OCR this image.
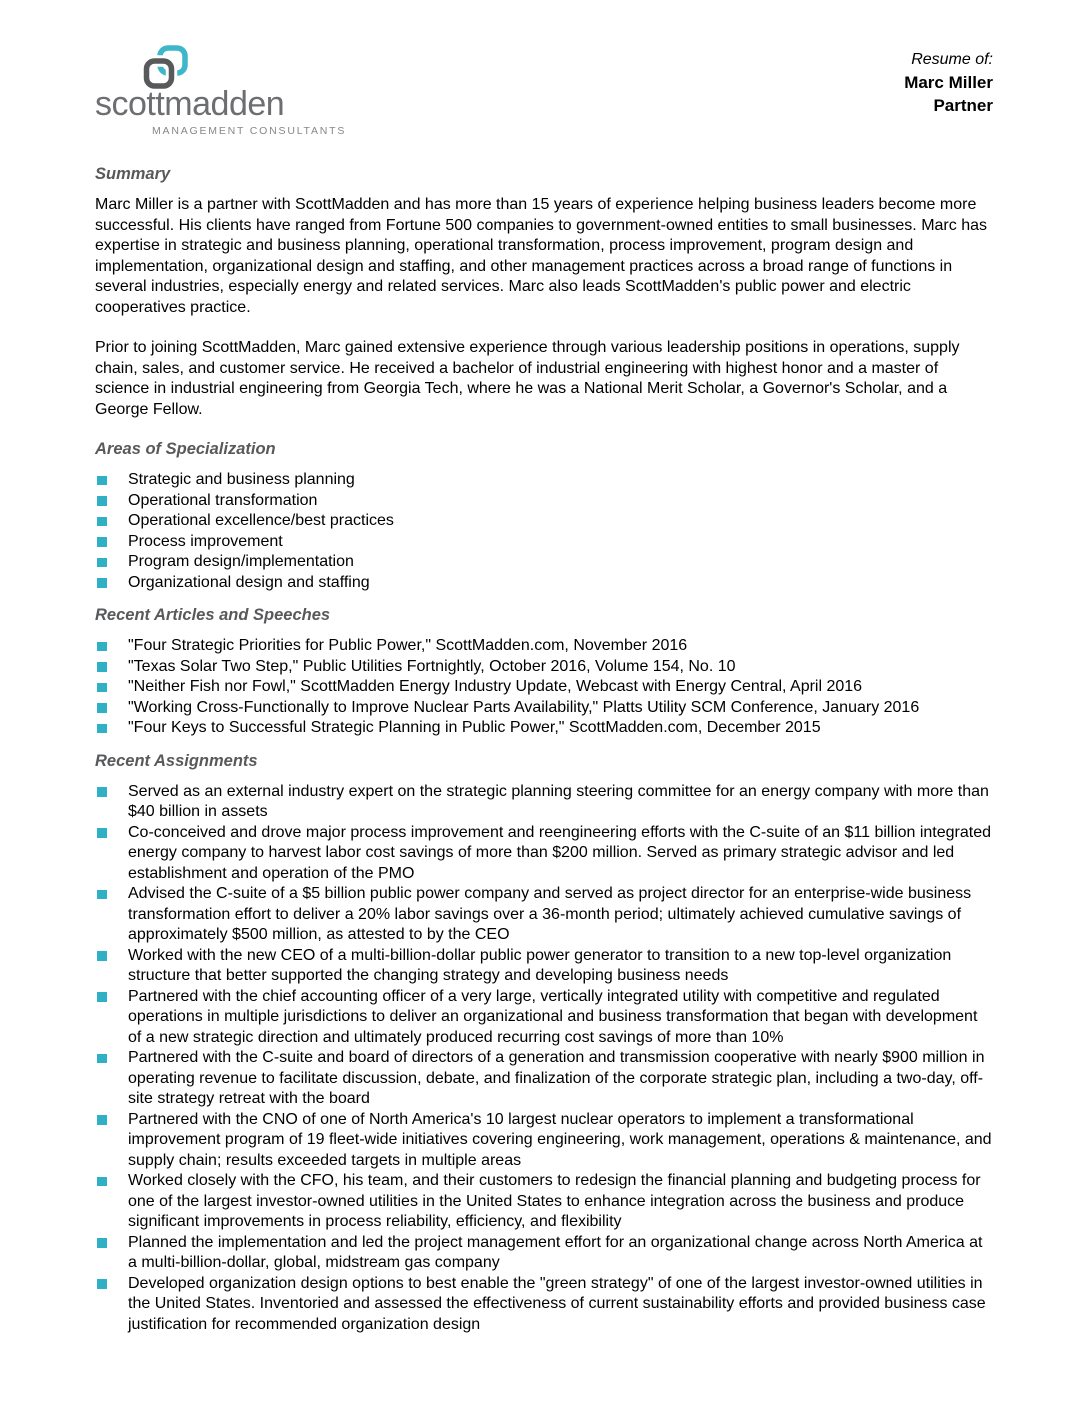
scottmadden
MANAGEMENT CONSULTANTS
Resume of:
Marc Miller
Partner
Summary

Marc Miller is a partner with ScottMadden and has more than 15 years of experience helping business leaders become more successful. His clients have ranged from Fortune 500 companies to government-owned entities to small businesses. Marc has expertise in strategic and business planning, operational transformation, process improvement, program design and implementation, organizational design and staffing, and other management practices across a broad range of functions in several industries, especially energy and related services. Marc also leads ScottMadden's public power and electric cooperatives practice.

Prior to joining ScottMadden, Marc gained extensive experience through various leadership positions in operations, supply chain, sales, and customer service. He received a bachelor of industrial engineering with highest honor and a master of science in industrial engineering from Georgia Tech, where he was a National Merit Scholar, a Governor's Scholar, and a George Fellow.

Areas of Specialization
Strategic and business planning
Operational transformation
Operational excellence/best practices
Process improvement
Program design/implementation
Organizational design and staffing
Recent Articles and Speeches
"Four Strategic Priorities for Public Power," ScottMadden.com, November 2016
"Texas Solar Two Step," Public Utilities Fortnightly, October 2016, Volume 154, No. 10
"Neither Fish nor Fowl," ScottMadden Energy Industry Update, Webcast with Energy Central, April 2016
"Working Cross-Functionally to Improve Nuclear Parts Availability," Platts Utility SCM Conference, January 2016
"Four Keys to Successful Strategic Planning in Public Power," ScottMadden.com, December 2015
Recent Assignments
Served as an external industry expert on the strategic planning steering committee for an energy company with more than $40 billion in assets
Co-conceived and drove major process improvement and reengineering efforts with the C-suite of an $11 billion integrated energy company to harvest labor cost savings of more than $200 million. Served as primary strategic advisor and led establishment and operation of the PMO
Advised the C-suite of a $5 billion public power company and served as project director for an enterprise-wide business transformation effort to deliver a 20% labor savings over a 36-month period; ultimately achieved cumulative savings of approximately $500 million, as attested to by the CEO
Worked with the new CEO of a multi-billion-dollar public power generator to transition to a new top-level organization structure that better supported the changing strategy and developing business needs
Partnered with the chief accounting officer of a very large, vertically integrated utility with competitive and regulated operations in multiple jurisdictions to deliver an organizational and business transformation that began with development of a new strategic direction and ultimately produced recurring cost savings of more than 10%
Partnered with the C-suite and board of directors of a generation and transmission cooperative with nearly $900 million in operating revenue to facilitate discussion, debate, and finalization of the corporate strategic plan, including a two-day, off-site strategy retreat with the board
Partnered with the CNO of one of North America's 10 largest nuclear operators to implement a transformational improvement program of 19 fleet-wide initiatives covering engineering, work management, operations & maintenance, and supply chain; results exceeded targets in multiple areas
Worked closely with the CFO, his team, and their customers to redesign the financial planning and budgeting process for one of the largest investor-owned utilities in the United States to enhance integration across the business and produce significant improvements in process reliability, efficiency, and flexibility
Planned the implementation and led the project management effort for an organizational change across North America at a multi-billion-dollar, global, midstream gas company
Developed organization design options to best enable the "green strategy" of one of the largest investor-owned utilities in the United States. Inventoried and assessed the effectiveness of current sustainability efforts and provided business case justification for recommended organization design
